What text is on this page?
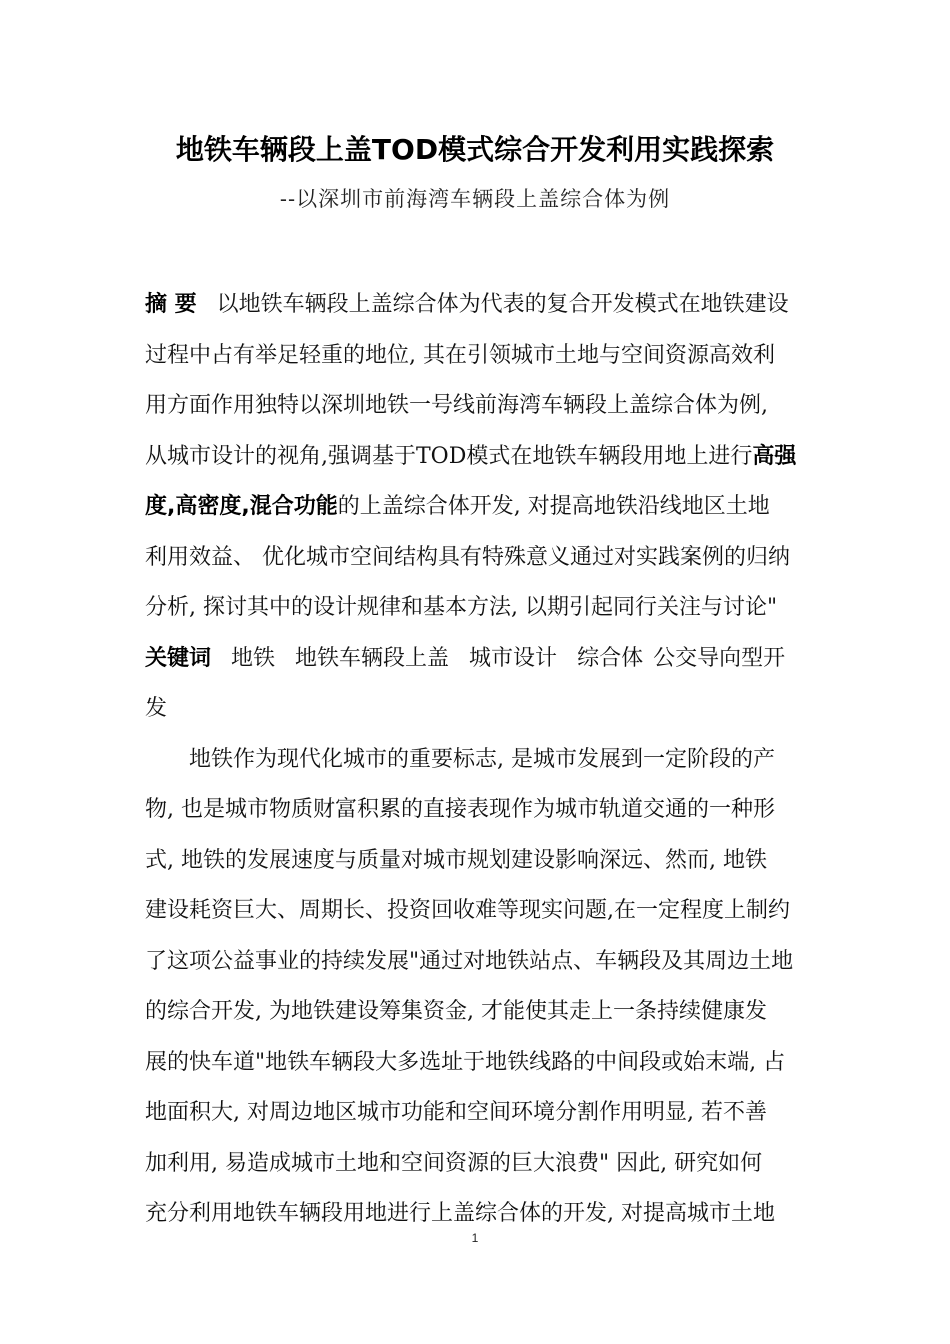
地铁车辆段上盖TOD模式综合开发利用实践探索

--以深圳市前海湾车辆段上盖综合体为例

摘 要 以地铁车辆段上盖综合体为代表的复合开发模式在地铁建设
过程中占有举足轻重的地位, 其在引领城市土地与空间资源高效利
用方面作用独特以深圳地铁一号线前海湾车辆段上盖综合体为例,
从城市设计的视角,强调基于TOD模式在地铁车辆段用地上进行高强
度,高密度,混合功能的上盖综合体开发, 对提高地铁沿线地区土地
利用效益、 优化城市空间结构具有特殊意义通过对实践案例的归纳
分析, 探讨其中的设计规律和基本方法, 以期引起同行关注与讨论"
关键词 地铁 地铁车辆段上盖 城市设计 综合体 公交导向型开
发
地铁作为现代化城市的重要标志, 是城市发展到一定阶段的产
物, 也是城市物质财富积累的直接表现作为城市轨道交通的一种形
式, 地铁的发展速度与质量对城市规划建设影响深远、然而, 地铁
建设耗资巨大、周期长、投资回收难等现实问题,在一定程度上制约
了这项公益事业的持续发展"通过对地铁站点、车辆段及其周边土地
的综合开发, 为地铁建设筹集资金, 才能使其走上一条持续健康发
展的快车道"地铁车辆段大多选址于地铁线路的中间段或始末端, 占
地面积大, 对周边地区城市功能和空间环境分割作用明显, 若不善
加利用, 易造成城市土地和空间资源的巨大浪费" 因此, 研究如何
充分利用地铁车辆段用地进行上盖综合体的开发, 对提高城市土地
1
